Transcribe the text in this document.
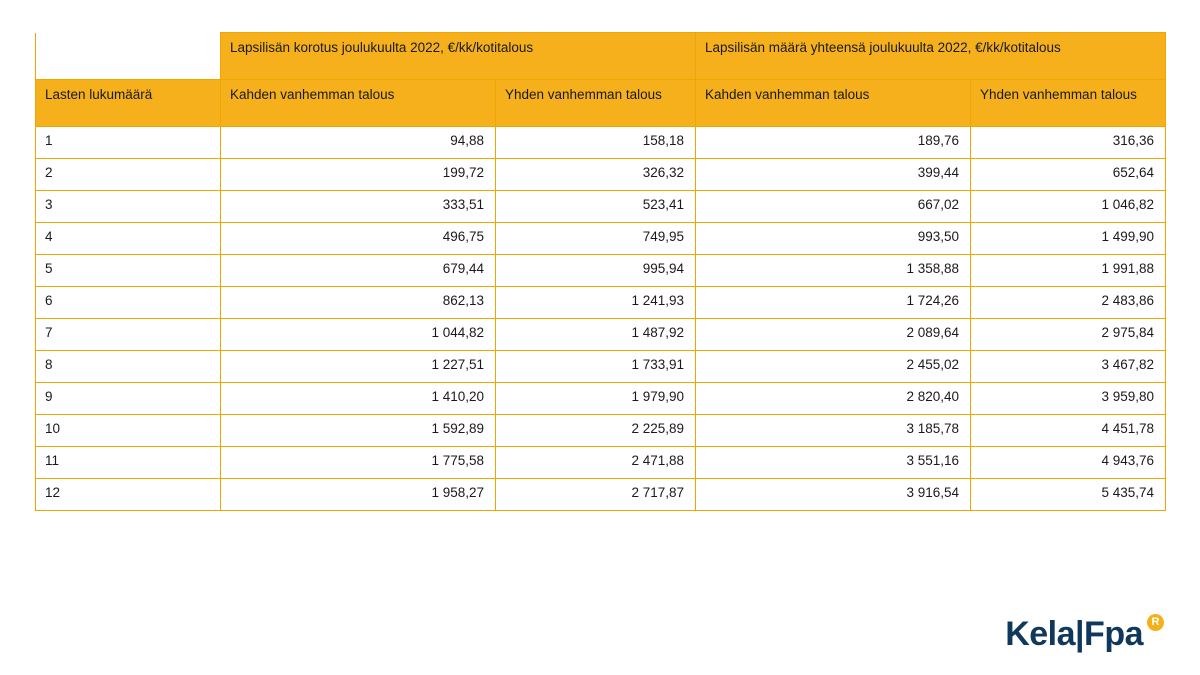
	Lapsilisän korotus joulukuulta 2022, €/kk/kotitalous		Lapsilisän määrä yhteensä joulukuulta 2022, €/kk/kotitalous	

Lasten lukumäärä	Kahden vanhemman talous	Yhden vanhemman talous	Kahden vanhemman talous	Yhden vanhemman talous

1	94,88	158,18	189,76	316,36

2	199,72	326,32	399,44	652,64

3	333,51	523,41	667,02	1 046,82

4	496,75	749,95	993,50	1 499,90

5	679,44	995,94	1 358,88	1 991,88

6	862,13	1 241,93	1 724,26	2 483,86

7	1 044,82	1 487,92	2 089,64	2 975,84

8	1 227,51	1 733,91	2 455,02	3 467,82

9	1 410,20	1 979,90	2 820,40	3 959,80

10	1 592,89	2 225,89	3 185,78	4 451,78

11	1 775,58	2 471,88	3 551,16	4 943,76

12	1 958,27	2 717,87	3 916,54	5 435,74
Kela | Fpa R
